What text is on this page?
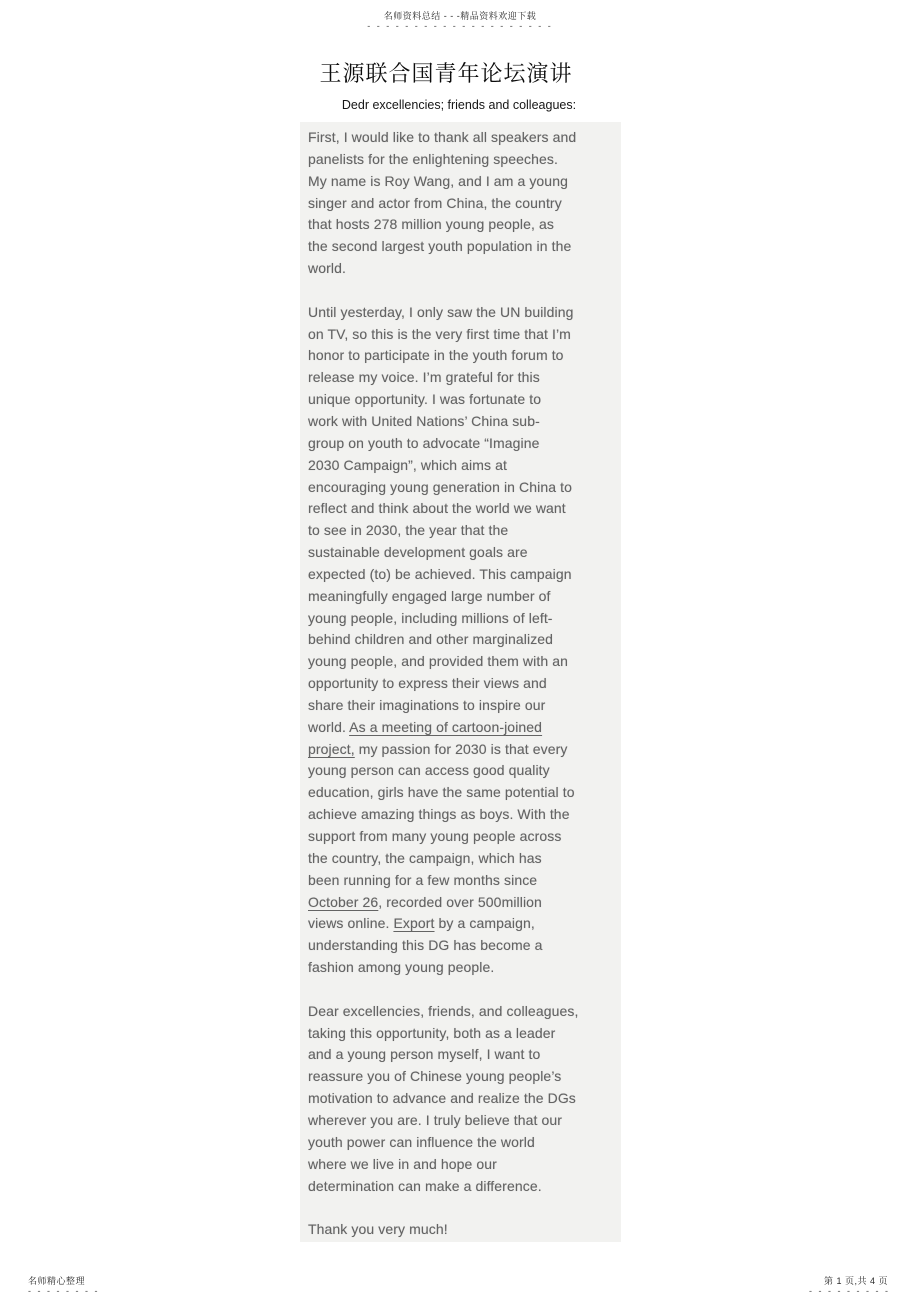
名师资料总结 - - -精品资料欢迎下载
- - - - - - - - - - - - - - - - - - - -
王源联合国青年论坛演讲
Dedr excellencies; friends and colleagues:
First, I would like to thank all speakers and
panelists for the enlightening speeches.
My name is Roy Wang, and I am a young
singer and actor from China, the country
that hosts 278 million young people, as
the second largest youth population in the
world.
Until yesterday, I only saw the UN building
on TV, so this is the very first time that I’m
honor to participate in the youth forum to
release my voice. I’m grateful for this
unique opportunity. I was fortunate to
work with United Nations’ China sub-
group on youth to advocate “Imagine
2030 Campaign”, which aims at
encouraging young generation in China to
reflect and think about the world we want
to see in 2030, the year that the
sustainable development goals are
expected (to) be achieved. This campaign
meaningfully engaged large number of
young people, including millions of left-
behind children and other marginalized
young people, and provided them with an
opportunity to express their views and
share their imaginations to inspire our
world. As a meeting of cartoon-joined
project, my passion for 2030 is that every
young person can access good quality
education, girls have the same potential to
achieve amazing things as boys. With the
support from many young people across
the country, the campaign, which has
been running for a few months since
October 26, recorded over 500million
views online. Export by a campaign,
understanding this DG has become a
fashion among young people.
Dear excellencies, friends, and colleagues,
taking this opportunity, both as a leader
and a young person myself, I want to
reassure you of Chinese young people’s
motivation to advance and realize the DGs
wherever you are. I truly believe that our
youth power can influence the world
where we live in and hope our
determination can make a difference.
Thank you very much!
名师精心整理
- - - - - - - -
第 1 页,共 4 页
- - - - - - - - -
